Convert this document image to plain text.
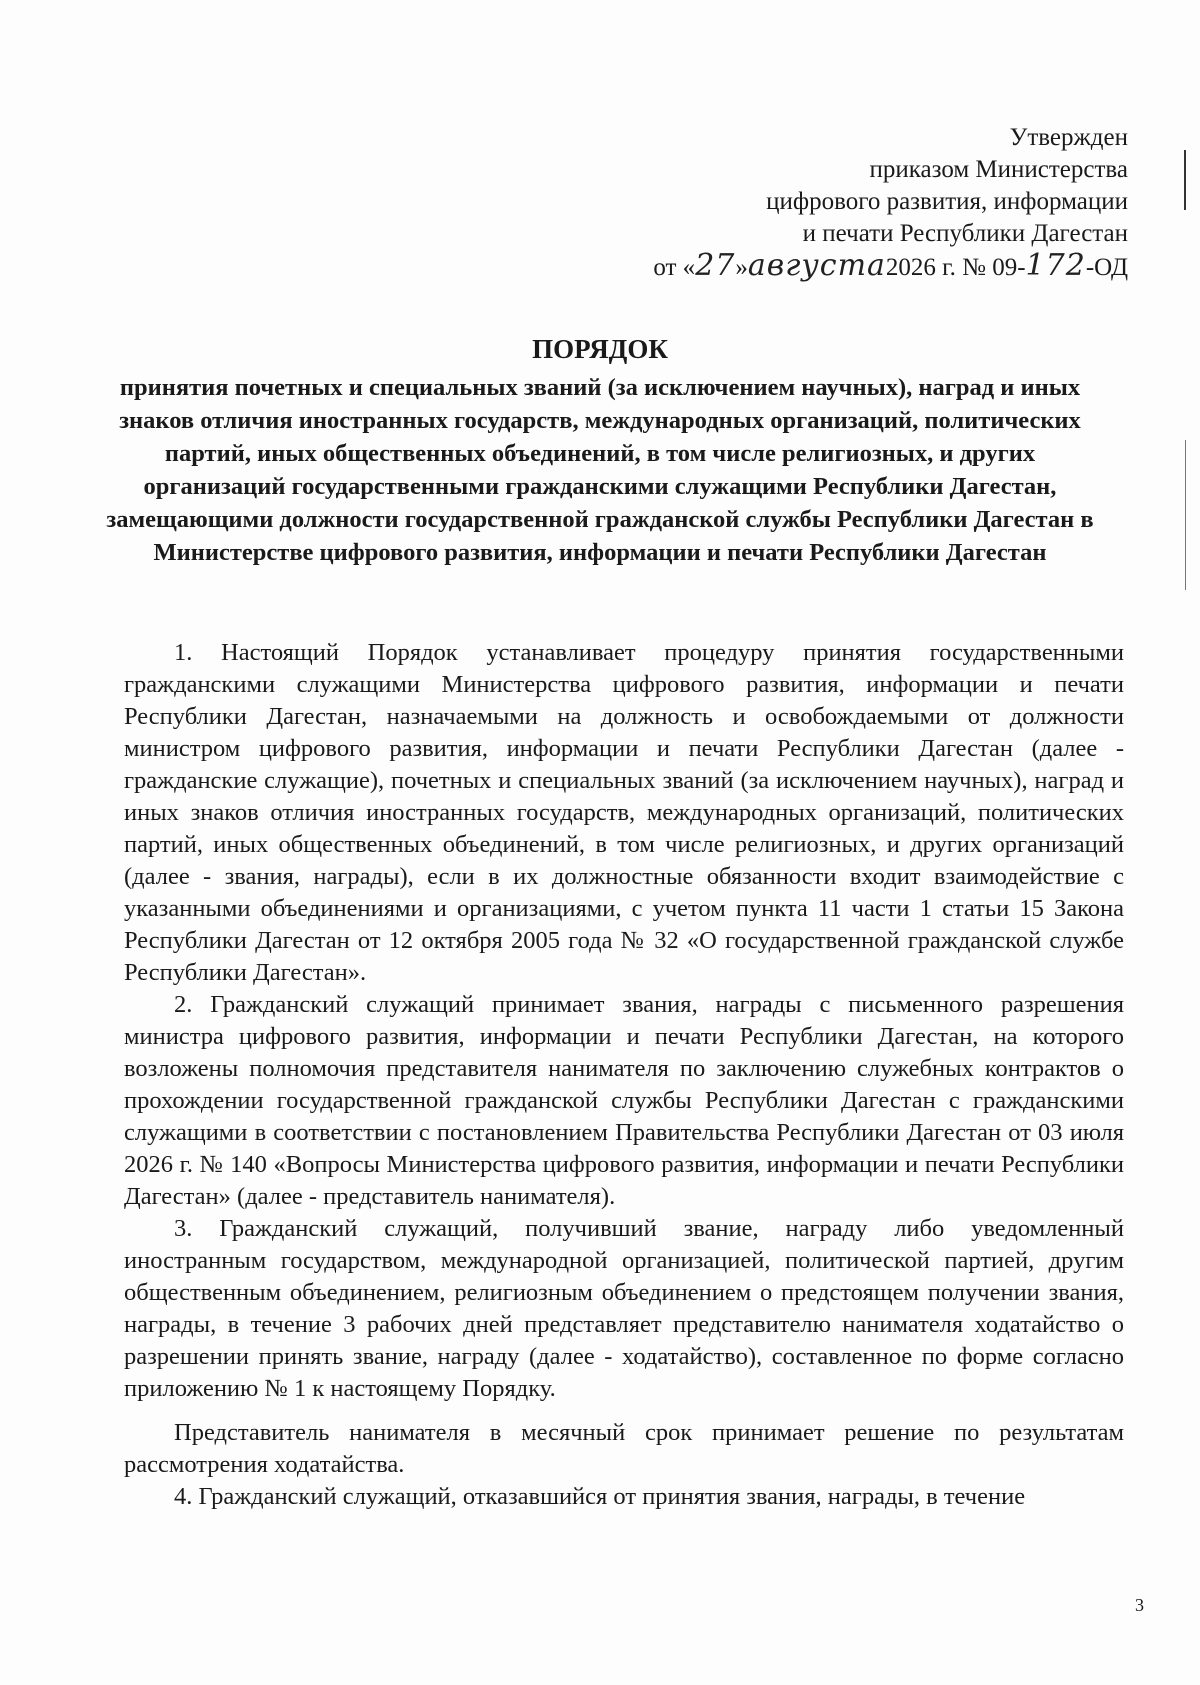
Утвержден
приказом Министерства
цифрового развития, информации
и печати Республики Дагестан
от «27»августа2026 г. № 09-172-ОД
ПОРЯДОК
принятия почетных и специальных званий (за исключением научных), наград и иных знаков отличия иностранных государств, международных организаций, политических партий, иных общественных объединений, в том числе религиозных, и других организаций государственными гражданскими служащими Республики Дагестан, замещающими должности государственной гражданской службы Республики Дагестан в Министерстве цифрового развития, информации и печати Республики Дагестан

1. Настоящий Порядок устанавливает процедуру принятия государственными гражданскими служащими Министерства цифрового развития, информации и печати Республики Дагестан, назначаемыми на должность и освобождаемыми от должности министром цифрового развития, информации и печати Республики Дагестан (далее - гражданские служащие), почетных и специальных званий (за исключением научных), наград и иных знаков отличия иностранных государств, международных организаций, политических партий, иных общественных объединений, в том числе религиозных, и других организаций (далее - звания, награды), если в их должностные обязанности входит взаимодействие с указанными объединениями и организациями, с учетом пункта 11 части 1 статьи 15 Закона Республики Дагестан от 12 октября 2005 года № 32 «О государственной гражданской службе Республики Дагестан».

2. Гражданский служащий принимает звания, награды с письменного разрешения министра цифрового развития, информации и печати Республики Дагестан, на которого возложены полномочия представителя нанимателя по заключению служебных контрактов о прохождении государственной гражданской службы Республики Дагестан с гражданскими служащими в соответствии с постановлением Правительства Республики Дагестан от 03 июля 2026 г. № 140 «Вопросы Министерства цифрового развития, информации и печати Республики Дагестан» (далее - представитель нанимателя).

3. Гражданский служащий, получивший звание, награду либо уведомленный иностранным государством, международной организацией, политической партией, другим общественным объединением, религиозным объединением о предстоящем получении звания, награды, в течение 3 рабочих дней представляет представителю нанимателя ходатайство о разрешении принять звание, награду (далее - ходатайство), составленное по форме согласно приложению № 1 к настоящему Порядку.

Представитель нанимателя в месячный срок принимает решение по результатам рассмотрения ходатайства.

4. Гражданский служащий, отказавшийся от принятия звания, награды, в течение

3
